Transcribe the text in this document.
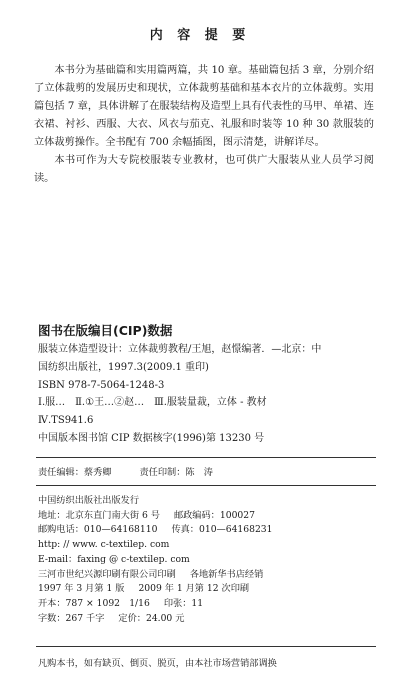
内 容 提 要

本书分为基础篇和实用篇两篇，共 10 章。基础篇包括 3 章，分别介绍了立体裁剪的发展历史和现状，立体裁剪基础和基本衣片的立体裁剪。实用篇包括 7 章，具体讲解了在服装结构及造型上具有代表性的马甲、单裙、连衣裙、衬衫、西服、大衣、风衣与茄克、礼服和时装等 10 种 30 款服装的立体裁剪操作。全书配有 700 余幅插图，图示清楚，讲解详尽。

本书可作为大专院校服装专业教材，也可供广大服装从业人员学习阅读。

图书在版编目(CIP)数据
服装立体造型设计：立体裁剪教程/王旭，赵憬编著．—北京：中
国纺织出版社，1997.3(2009.1 重印)
ISBN 978-7-5064-1248-3
Ⅰ.服…　Ⅱ.①王…②赵…　Ⅲ.服装量裁，立体 - 教材
Ⅳ.TS941.6
中国版本图书馆 CIP 数据核字(1996)第 13230 号
责任编辑：蔡秀卿	责任印制：陈　涛
中国纺织出版社出版发行
地址：北京东直门南大街 6 号 邮政编码：100027
邮购电话：010—64168110 传真：010—64168231
http: // www. c-textilep. com
E-mail：faxing @ c-textilep. com
三河市世纪兴源印刷有限公司印刷 各地新华书店经销
1997 年 3 月第 1 版 2009 年 1 月第 12 次印刷
开本：787 × 1092　1/16 印张：11
字数：267 千字 定价：24.00 元
凡购本书，如有缺页、倒页、脱页，由本社市场营销部调换
